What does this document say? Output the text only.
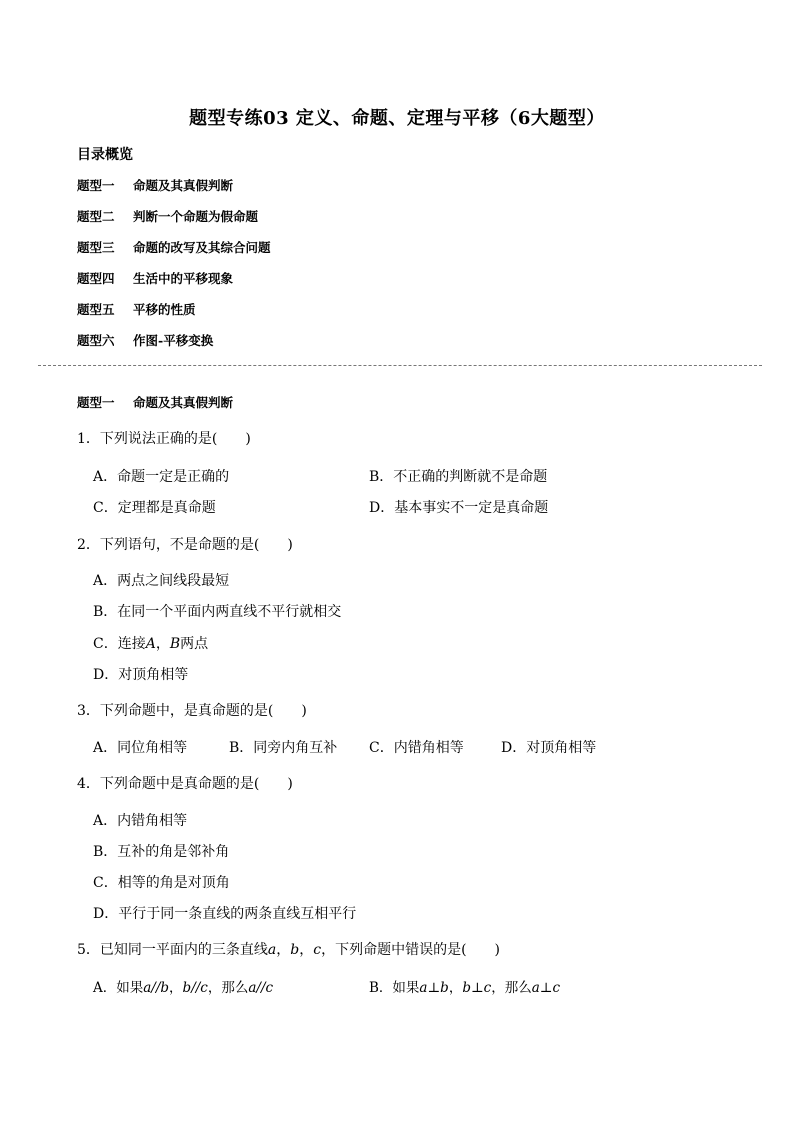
题型专练03 定义、命题、定理与平移（6大题型）
目录概览
题型一 命题及其真假判断
题型二 判断一个命题为假命题
题型三 命题的改写及其综合问题
题型四 生活中的平移现象
题型五 平移的性质
题型六 作图-平移变换
题型一 命题及其真假判断
1．下列说法正确的是(　　)
A．命题一定是正确的	B．不正确的判断就不是命题
C．定理都是真命题	D．基本事实不一定是真命题
2．下列语句，不是命题的是(　　)
A．两点之间线段最短
B．在同一个平面内两直线不平行就相交
C．连接A，B两点
D．对顶角相等
3．下列命题中，是真命题的是(　　)
A．同位角相等	B．同旁内角互补 C．内错角相等	D．对顶角相等
4．下列命题中是真命题的是(　　)
A．内错角相等
B．互补的角是邻补角
C．相等的角是对顶角
D．平行于同一条直线的两条直线互相平行
5．已知同一平面内的三条直线a，b，c，下列命题中错误的是(　　)
A．如果a//b，b//c，那么a//c	B．如果a⊥b，b⊥c，那么a⊥c
